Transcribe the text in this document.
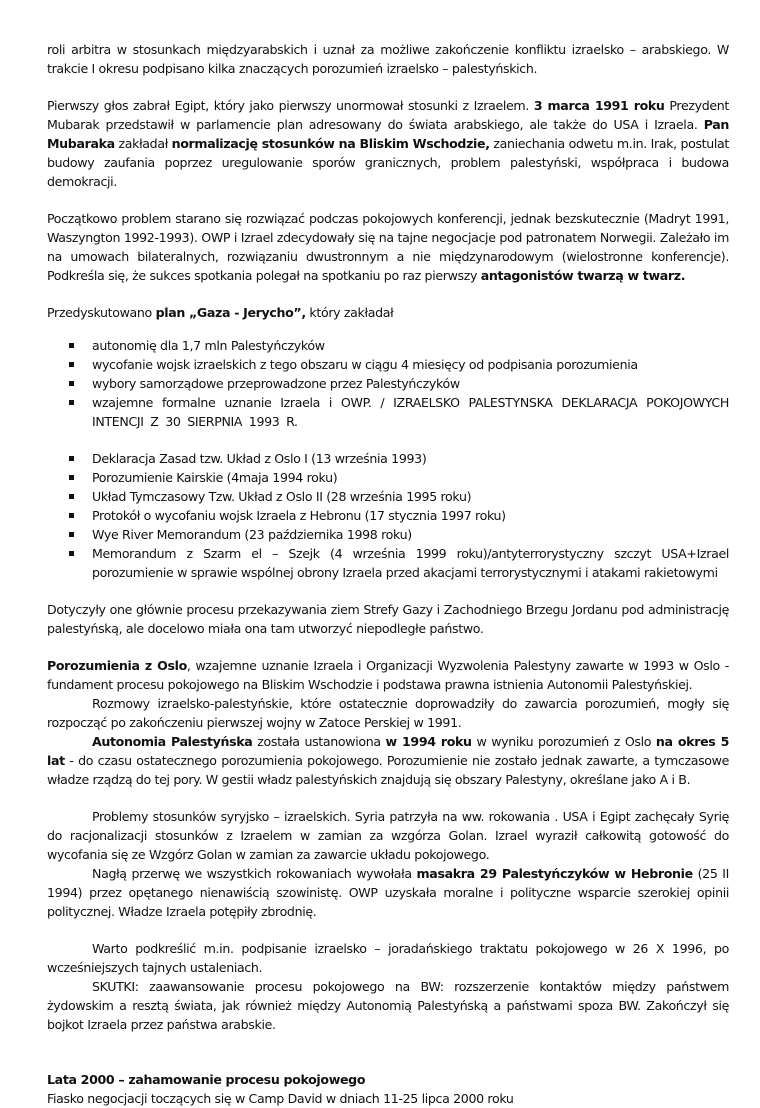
roli arbitra w stosunkach międzyarabskich i uznał za możliwe zakończenie konfliktu izraelsko – arabskiego. W trakcie I okresu podpisano kilka znaczących porozumień izraelsko – palestyńskich.

Pierwszy głos zabrał Egipt, który jako pierwszy unormował stosunki z Izraelem. 3 marca 1991 roku Prezydent Mubarak przedstawił w parlamencie plan adresowany do świata arabskiego, ale także do USA i Izraela. Pan Mubaraka zakładał normalizację stosunków na Bliskim Wschodzie, zaniechania odwetu m.in. Irak, postulat budowy zaufania poprzez uregulowanie sporów granicznych, problem palestyński, współpraca i budowa demokracji.

Początkowo problem starano się rozwiązać podczas pokojowych konferencji, jednak bezskutecznie (Madryt 1991, Waszyngton 1992-1993). OWP i Izrael zdecydowały się na tajne negocjacje pod patronatem Norwegii. Zależało im na umowach bilateralnych, rozwiązaniu dwustronnym a nie międzynarodowym (wielostronne konferencje). Podkreśla się, że sukces spotkania polegał na spotkaniu po raz pierwszy antagonistów twarzą w twarz.

Przedyskutowano plan „Gaza - Jerycho”, który zakładał

autonomię dla 1,7 mln Palestyńczyków
wycofanie wojsk izraelskich z tego obszaru w ciągu 4 miesięcy od podpisania porozumienia
wybory samorządowe przeprowadzone przez Palestyńczyków
wzajemne formalne uznanie Izraela i OWP. / IZRAELSKO PALESTYNSKA DEKLARACJA POKOJOWYCH INTENCJI Z 30 SIERPNIA 1993 R.
Deklaracja Zasad tzw. Układ z Oslo I (13 września 1993)
Porozumienie Kairskie (4maja 1994 roku)
Układ Tymczasowy Tzw. Układ z Oslo II (28 września 1995 roku)
Protokół o wycofaniu wojsk Izraela z Hebronu (17 stycznia 1997 roku)
Wye River Memorandum (23 października 1998 roku)
Memorandum z Szarm el – Szejk (4 września 1999 roku)/antyterrorystyczny szczyt USA+Izrael porozumienie w sprawie wspólnej obrony Izraela przed akacjami terrorystycznymi i atakami rakietowymi

Dotyczyły one głównie procesu przekazywania ziem Strefy Gazy i Zachodniego Brzegu Jordanu pod administrację palestyńską, ale docelowo miała ona tam utworzyć niepodległe państwo.

Porozumienia z Oslo, wzajemne uznanie Izraela i Organizacji Wyzwolenia Palestyny zawarte w 1993 w Oslo - fundament procesu pokojowego na Bliskim Wschodzie i podstawa prawna istnienia Autonomii Palestyńskiej.

Rozmowy izraelsko-palestyńskie, które ostatecznie doprowadziły do zawarcia porozumień, mogły się rozpocząć po zakończeniu pierwszej wojny w Zatoce Perskiej w 1991.

Autonomia Palestyńska została ustanowiona w 1994 roku w wyniku porozumień z Oslo na okres 5 lat - do czasu ostatecznego porozumienia pokojowego. Porozumienie nie zostało jednak zawarte, a tymczasowe władze rządzą do tej pory. W gestii władz palestyńskich znajdują się obszary Palestyny, określane jako A i B.

Problemy stosunków syryjsko – izraelskich. Syria patrzyła na ww. rokowania . USA i Egipt zachęcały Syrię do racjonalizacji stosunków z Izraelem w zamian za wzgórza Golan. Izrael wyraził całkowitą gotowość do wycofania się ze Wzgórz Golan w zamian za zawarcie układu pokojowego.

Nagłą przerwę we wszystkich rokowaniach wywołała masakra 29 Palestyńczyków w Hebronie (25 II 1994) przez opętanego nienawiścią szowinistę. OWP uzyskała moralne i polityczne wsparcie szerokiej opinii politycznej. Władze Izraela potępiły zbrodnię.

Warto podkreślić m.in. podpisanie izraelsko – joradańskiego traktatu pokojowego w 26 X 1996, po wcześniejszych tajnych ustaleniach.

SKUTKI: zaawansowanie procesu pokojowego na BW: rozszerzenie kontaktów między państwem żydowskim a resztą świata, jak również między Autonomią Palestyńską a państwami spoza BW. Zakończył się bojkot Izraela przez państwa arabskie.

Lata 2000 – zahamowanie procesu pokojowego

Fiasko negocjacji toczących się w Camp David w dniach 11-25 lipca 2000 roku
